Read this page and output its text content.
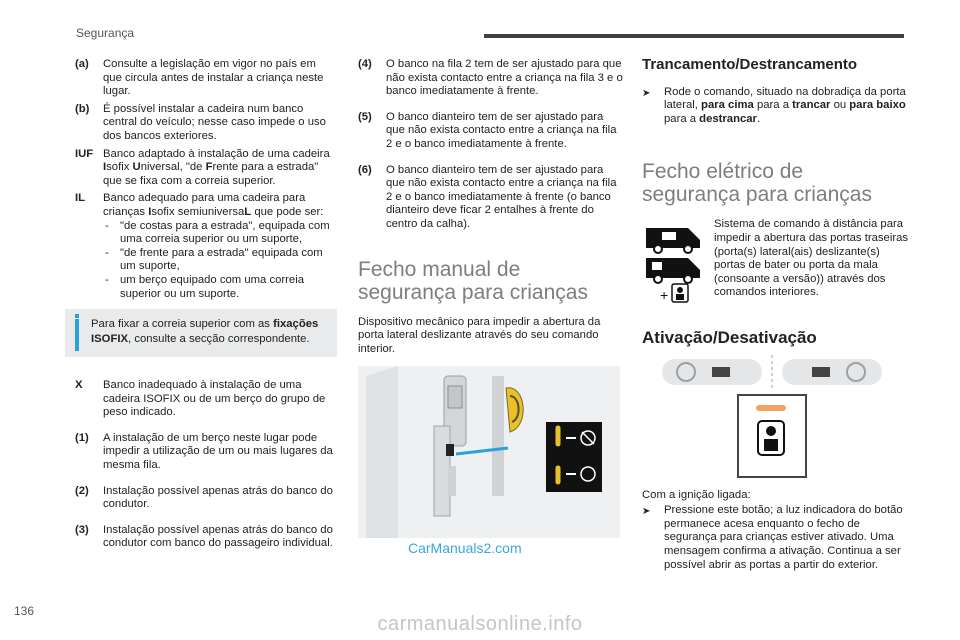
Segurança
(a)	Consulte a legislação em vigor no país em que circula antes de instalar a criança neste lugar.
(b)	É possível instalar a cadeira num banco central do veículo; nesse caso impede o uso dos bancos exteriores.
IUF Banco adaptado à instalação de uma cadeira Isofix Universal, "de Frente para a estrada" que se fixa com a correia superior.
IL	Banco adequado para uma cadeira para crianças Isofix semiuniversaL que pode ser:
- "de costas para a estrada", equipada com uma correia superior ou um suporte,
- "de frente para a estrada" equipada com um suporte,
- um berço equipado com uma correia superior ou um suporte.
Para fixar a correia superior com as fixações ISOFIX, consulte a secção correspondente.
X	Banco inadequado à instalação de uma cadeira ISOFIX ou de um berço do grupo de peso indicado.
(1)	A instalação de um berço neste lugar pode impedir a utilização de um ou mais lugares da mesma fila.
(2)	Instalação possível apenas atrás do banco do condutor.
(3)	Instalação possível apenas atrás do banco do condutor com banco do passageiro individual.
(4)	O banco na fila 2 tem de ser ajustado para que não exista contacto entre a criança na fila 3 e o banco imediatamente à frente.
(5)	O banco dianteiro tem de ser ajustado para que não exista contacto entre a criança na fila 2 e o banco imediatamente à frente.
(6)	O banco dianteiro tem de ser ajustado para que não exista contacto entre a criança na fila 2 e o banco imediatamente à frente (o banco dianteiro deve ficar 2 entalhes à frente do centro da calha).
Fecho manual de
segurança para crianças

Dispositivo mecânico para impedir a abertura da porta lateral deslizante através do seu comando interior.

CarManuals2.com
Trancamento/Destrancamento
➤	Rode o comando, situado na dobradiça da porta lateral, para cima para a trancar ou para baixo para a destrancar.
Fecho elétrico de
segurança para crianças
+
Sistema de comando à distância para impedir a abertura das portas traseiras (porta(s) lateral(ais) deslizante(s) portas de bater ou porta da mala (consoante a versão)) através dos comandos interiores.
Ativação/Desativação

Com a ignição ligada:

➤	Pressione este botão; a luz indicadora do botão permanece acesa enquanto o fecho de segurança para crianças estiver ativado. Uma mensagem confirma a ativação. Continua a ser possível abrir as portas a partir do exterior.
136
carmanualsonline.info
